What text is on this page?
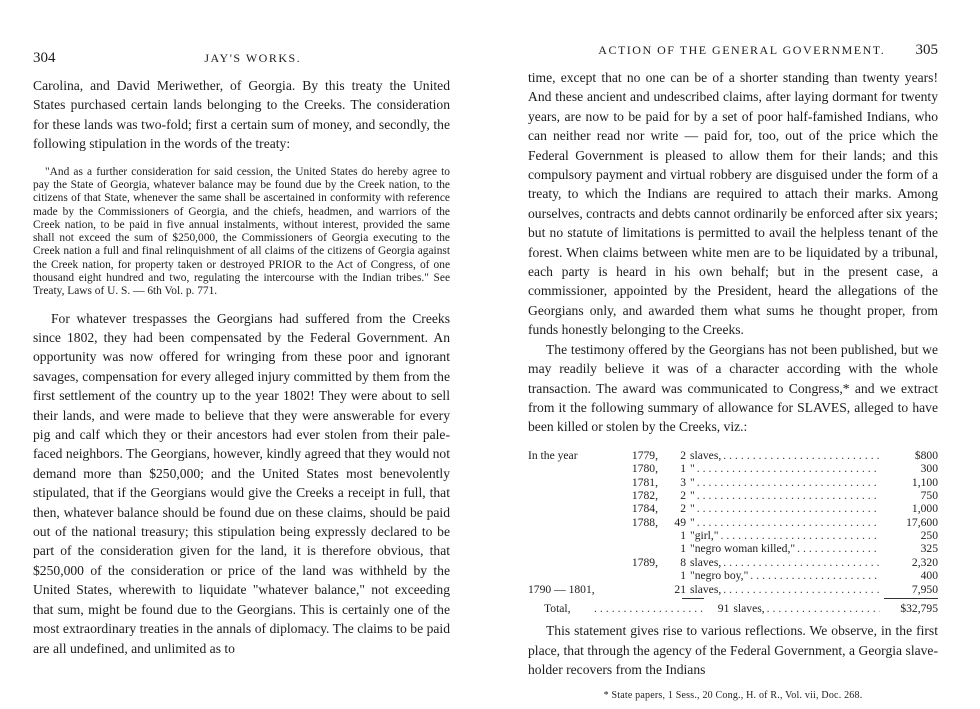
304	JAY'S WORKS.

Carolina, and David Meriwether, of Georgia. By this treaty the United States purchased certain lands belonging to the Creeks. The consideration for these lands was two-fold; first a certain sum of money, and secondly, the following stipulation in the words of the treaty:

"And as a further consideration for said cession, the United States do hereby agree to pay the State of Georgia, whatever balance may be found due by the Creek nation, to the citizens of that State, whenever the same shall be ascertained in conformity with reference made by the Commissioners of Georgia, and the chiefs, headmen, and warriors of the Creek nation, to be paid in five annual instalments, without interest, provided the same shall not exceed the sum of $250,000, the Commissioners of Georgia executing to the Creek nation a full and final relinquishment of all claims of the citizens of Georgia against the Creek nation, for property taken or destroyed PRIOR to the Act of Congress, of one thousand eight hundred and two, regulating the intercourse with the Indian tribes." See Treaty, Laws of U. S. — 6th Vol. p. 771.

For whatever trespasses the Georgians had suffered from the Creeks since 1802, they had been compensated by the Federal Government. An opportunity was now offered for wringing from these poor and ignorant savages, compensation for every alleged injury committed by them from the first settlement of the country up to the year 1802! They were about to sell their lands, and were made to believe that they were answerable for every pig and calf which they or their ancestors had ever stolen from their pale-faced neighbors. The Georgians, however, kindly agreed that they would not demand more than $250,000; and the United States most benevolently stipulated, that if the Georgians would give the Creeks a receipt in full, that then, whatever balance should be found due on these claims, should be paid out of the national treasury; this stipulation being expressly declared to be part of the consideration given for the land, it is therefore obvious, that $250,000 of the consideration or price of the land was withheld by the United States, wherewith to liquidate "whatever balance," not exceeding that sum, might be found due to the Georgians. This is certainly one of the most extraordinary treaties in the annals of diplomacy. The claims to be paid are all undefined, and unlimited as to

ACTION OF THE GENERAL GOVERNMENT.	305

time, except that no one can be of a shorter standing than twenty years! And these ancient and undescribed claims, after laying dormant for twenty years, are now to be paid for by a set of poor half-famished Indians, who can neither read nor write — paid for, too, out of the price which the Federal Government is pleased to allow them for their lands; and this compulsory payment and virtual robbery are disguised under the form of a treaty, to which the Indians are required to attach their marks. Among ourselves, contracts and debts cannot ordinarily be enforced after six years; but no statute of limitations is permitted to avail the helpless tenant of the forest. When claims between white men are to be liquidated by a tribunal, each party is heard in his own behalf; but in the present case, a commissioner, appointed by the President, heard the allegations of the Georgians only, and awarded them what sums he thought proper, from funds honestly belonging to the Creeks.

The testimony offered by the Georgians has not been published, but we may readily believe it was of a character according with the whole transaction. The award was communicated to Congress,* and we extract from it the following summary of allowance for SLAVES, alleged to have been killed or stolen by the Creeks, viz.:

In the year	1779,	2 slaves, .....	$800
1780,	1 " .....	300
1781,	3 " .....	1,100
1782,	2 " .....	750
1784,	2 " .....	1,000
1788,	49 " .....	17,600
1 "girl," .....	250
1 "negro woman killed," .....	325
1789,	8 slaves, .....	2,320
1 "negro boy," .....	400
1790 — 1801,	21 slaves, .....	7,950
Total, .....	91 slaves, .....	$32,795

This statement gives rise to various reflections. We observe, in the first place, that through the agency of the Federal Government, a Georgia slave-holder recovers from the Indians

* State papers, 1 Sess., 20 Cong., H. of R., Vol. vii, Doc. 268.
